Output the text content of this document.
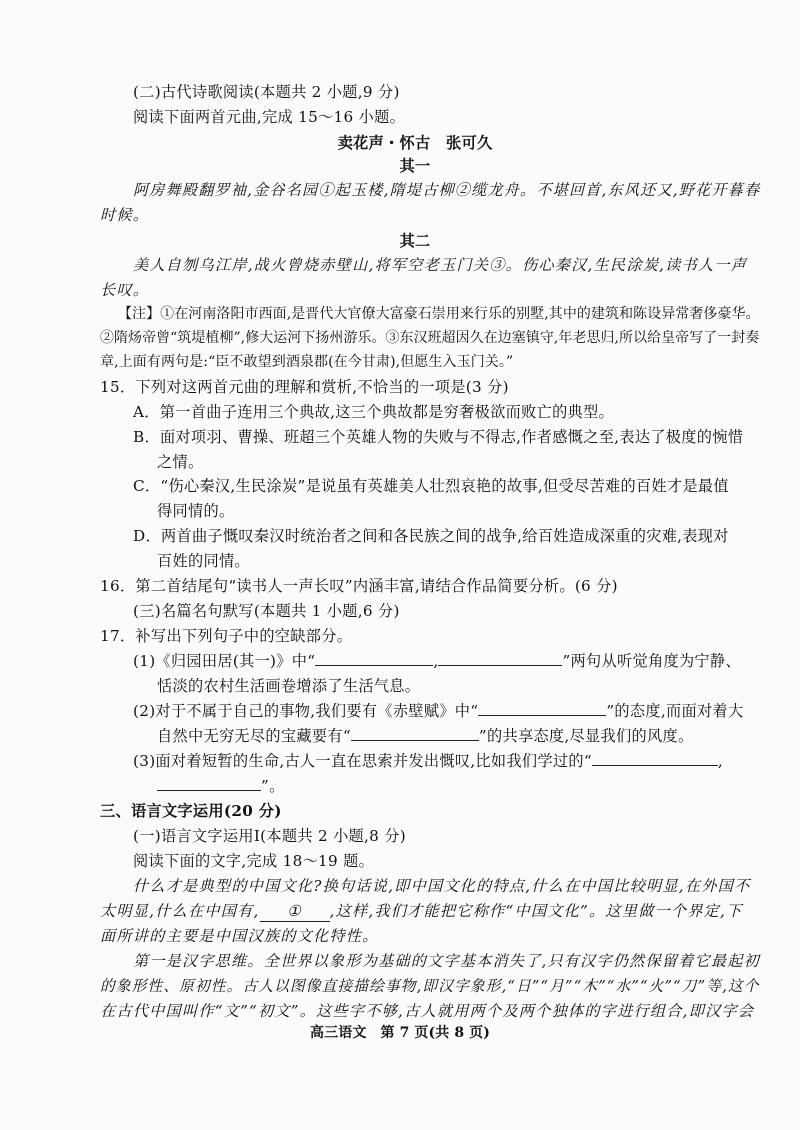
(二)古代诗歌阅读(本题共 2 小题,9 分)
阅读下面两首元曲,完成 15～16 小题。
卖花声・怀古　张可久
其一
阿房舞殿翻罗袖,金谷名园①起玉楼,隋堤古柳②缆龙舟。不堪回首,东风还又,野花开暮春
时候。
其二
美人自刎乌江岸,战火曾烧赤壁山,将军空老玉门关③。伤心秦汉,生民涂炭,读书人一声
长叹。
【注】①在河南洛阳市西面,是晋代大官僚大富豪石崇用来行乐的别墅,其中的建筑和陈设异常奢侈豪华。
②隋炀帝曾“筑堤植柳”,修大运河下扬州游乐。③东汉班超因久在边塞镇守,年老思归,所以给皇帝写了一封奏
章,上面有两句是:“臣不敢望到酒泉郡(在今甘肃),但愿生入玉门关。”
15．下列对这两首元曲的理解和赏析,不恰当的一项是(3 分)
A．第一首曲子连用三个典故,这三个典故都是穷奢极欲而败亡的典型。
B．面对项羽、曹操、班超三个英雄人物的失败与不得志,作者感慨之至,表达了极度的惋惜
之情。
C．“伤心秦汉,生民涂炭”是说虽有英雄美人壮烈哀艳的故事,但受尽苦难的百姓才是最值
得同情的。
D．两首曲子慨叹秦汉时统治者之间和各民族之间的战争,给百姓造成深重的灾难,表现对
百姓的同情。
16．第二首结尾句“读书人一声长叹”内涵丰富,请结合作品简要分析。(6 分)
(三)名篇名句默写(本题共 1 小题,6 分)
17．补写出下列句子中的空缺部分。
(1)《归园田居(其一)》中“	,	”两句从听觉角度为宁静、
恬淡的农村生活画卷增添了生活气息。
(2)对于不属于自己的事物,我们要有《赤壁赋》中“	”的态度,而面对着大
自然中无穷无尽的宝藏要有“	”的共享态度,尽显我们的风度。
(3)面对着短暂的生命,古人一直在思索并发出慨叹,比如我们学过的“	,
”。
三、语言文字运用(20 分)
(一)语言文字运用Ⅰ(本题共 2 小题,8 分)
阅读下面的文字,完成 18～19 题。
什么才是典型的中国文化?换句话说,即中国文化的特点,什么在中国比较明显,在外国不
太明显,什么在中国有, ① ,这样,我们才能把它称作“中国文化”。这里做一个界定,下
面所讲的主要是中国汉族的文化特性。
第一是汉字思维。全世界以象形为基础的文字基本消失了,只有汉字仍然保留着它最起初
的象形性、原初性。古人以图像直接描绘事物,即汉字象形,“日”“月”“木”“水”“火”“刀”等,这个
在古代中国叫作“文”“初文”。这些字不够,古人就用两个及两个独体的字进行组合,即汉字会
高三语文　第 7 页(共 8 页)
